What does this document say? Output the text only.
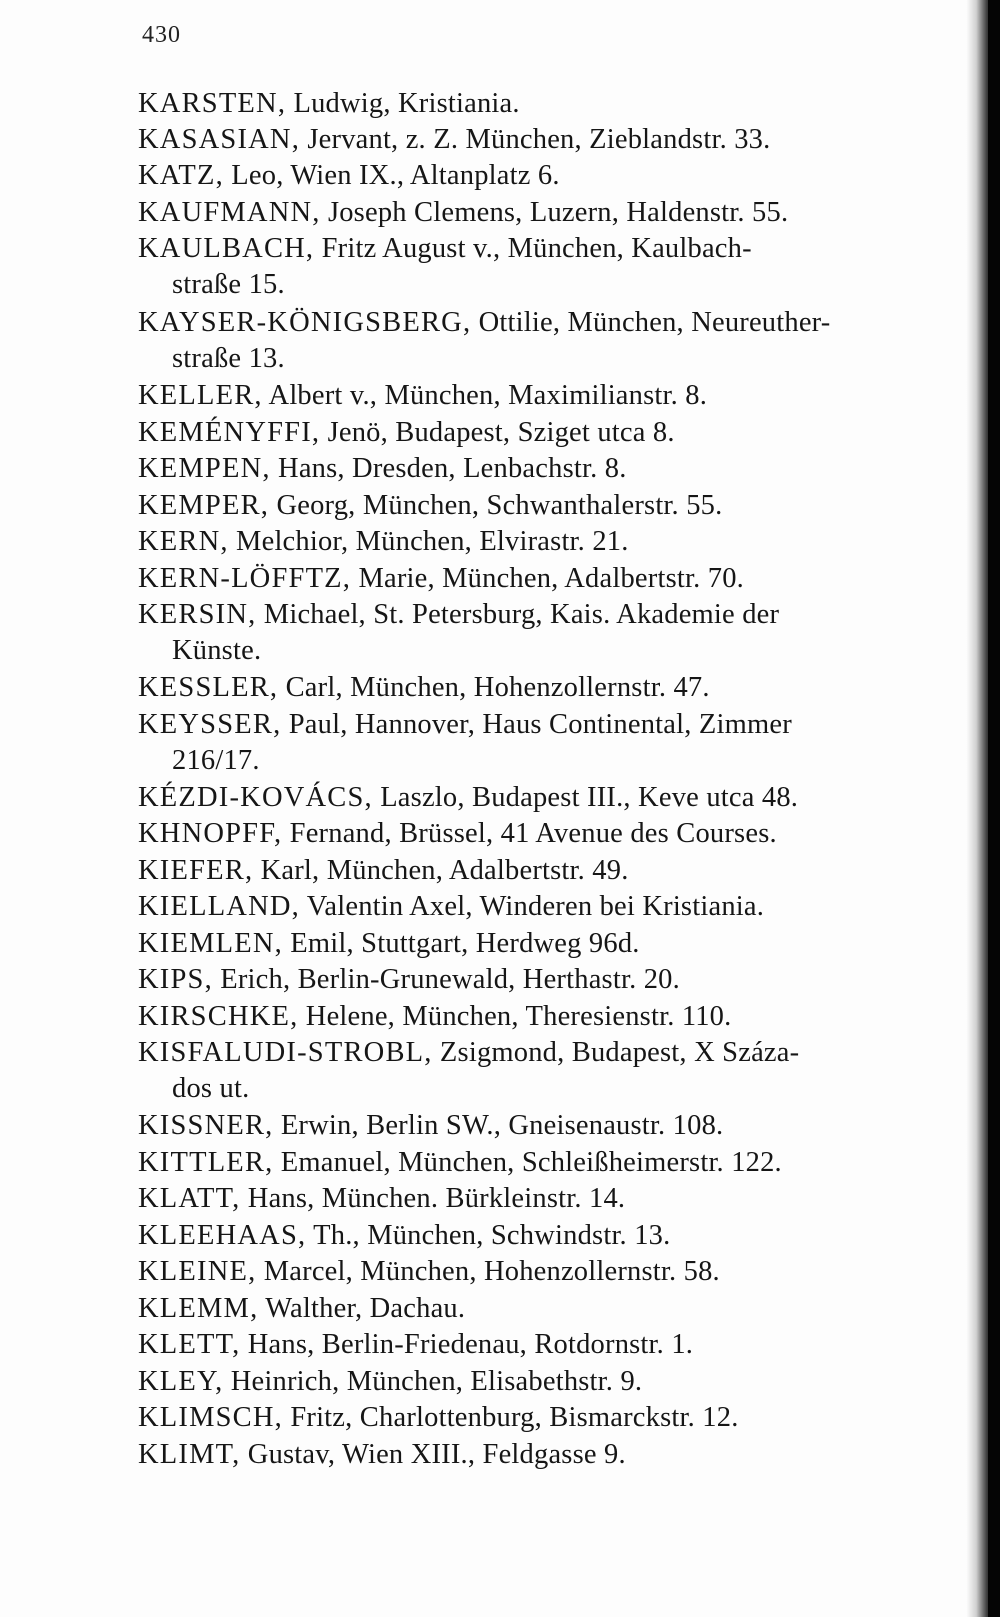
430
KARSTEN, Ludwig, Kristiania.
KASASIAN, Jervant, z. Z. München, Zieblandstr. 33.
KATZ, Leo, Wien IX., Altanplatz 6.
KAUFMANN, Joseph Clemens, Luzern, Haldenstr. 55.
KAULBACH, Fritz August v., München, Kaulbach-
straße 15.
KAYSER-KÖNIGSBERG, Ottilie, München, Neureuther-
straße 13.
KELLER, Albert v., München, Maximilianstr. 8.
KEMÉNYFFI, Jenö, Budapest, Sziget utca 8.
KEMPEN, Hans, Dresden, Lenbachstr. 8.
KEMPER, Georg, München, Schwanthalerstr. 55.
KERN, Melchior, München, Elvirastr. 21.
KERN-LÖFFTZ, Marie, München, Adalbertstr. 70.
KERSIN, Michael, St. Petersburg, Kais. Akademie der
Künste.
KESSLER, Carl, München, Hohenzollernstr. 47.
KEYSSER, Paul, Hannover, Haus Continental, Zimmer
216/17.
KÉZDI-KOVÁCS, Laszlo, Budapest III., Keve utca 48.
KHNOPFF, Fernand, Brüssel, 41 Avenue des Courses.
KIEFER, Karl, München, Adalbertstr. 49.
KIELLAND, Valentin Axel, Winderen bei Kristiania.
KIEMLEN, Emil, Stuttgart, Herdweg 96d.
KIPS, Erich, Berlin-Grunewald, Herthastr. 20.
KIRSCHKE, Helene, München, Theresienstr. 110.
KISFALUDI-STROBL, Zsigmond, Budapest, X Száza-
dos ut.
KISSNER, Erwin, Berlin SW., Gneisenaustr. 108.
KITTLER, Emanuel, München, Schleißheimerstr. 122.
KLATT, Hans, München. Bürkleinstr. 14.
KLEEHAAS, Th., München, Schwindstr. 13.
KLEINE, Marcel, München, Hohenzollernstr. 58.
KLEMM, Walther, Dachau.
KLETT, Hans, Berlin-Friedenau, Rotdornstr. 1.
KLEY, Heinrich, München, Elisabethstr. 9.
KLIMSCH, Fritz, Charlottenburg, Bismarckstr. 12.
KLIMT, Gustav, Wien XIII., Feldgasse 9.
